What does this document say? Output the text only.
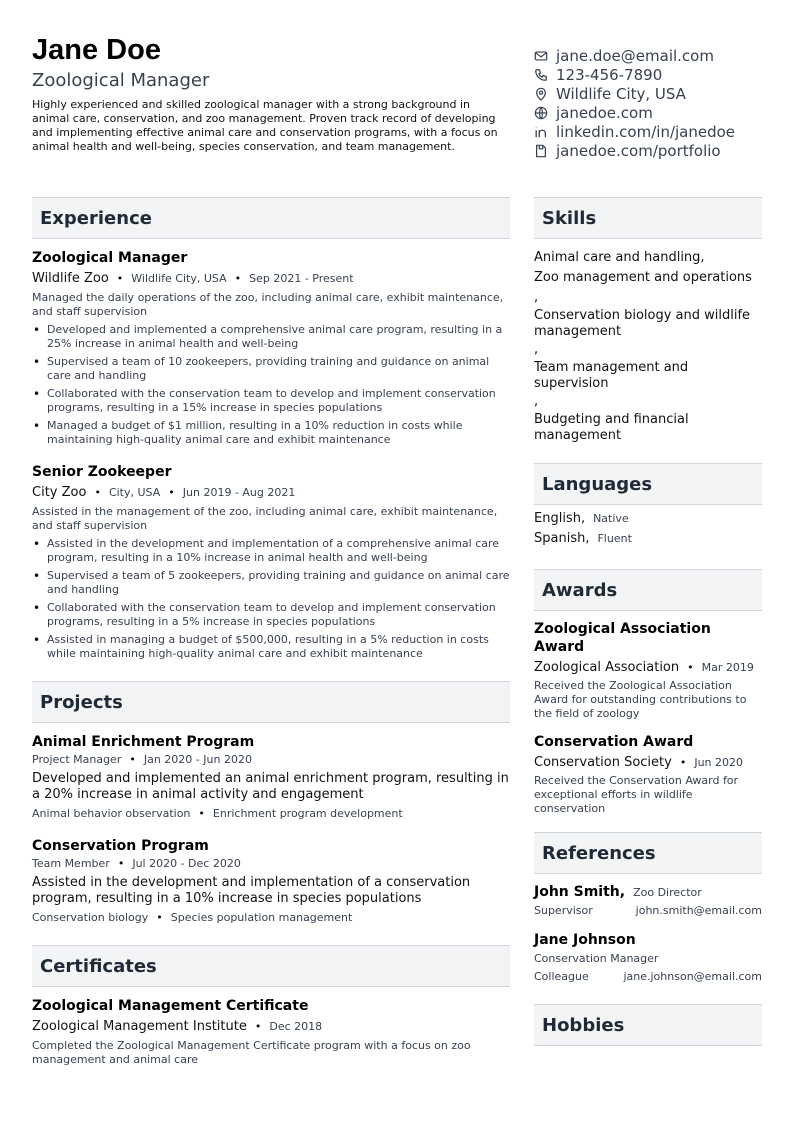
Jane Doe
Zoological Manager
Highly experienced and skilled zoological manager with a strong background in animal care, conservation, and zoo management. Proven track record of developing and implementing effective animal care and conservation programs, with a focus on animal health and well-being, species conservation, and team management.
jane.doe@email.com
123-456-7890
Wildlife City, USA
janedoe.com
linkedin.com/in/janedoe
janedoe.com/portfolio
Experience
Zoological Manager
Wildlife Zoo • Wildlife City, USA • Sep 2021 - Present
Managed the daily operations of the zoo, including animal care, exhibit maintenance, and staff supervision
• Developed and implemented a comprehensive animal care program, resulting in a 25% increase in animal health and well-being
• Supervised a team of 10 zookeepers, providing training and guidance on animal care and handling
• Collaborated with the conservation team to develop and implement conservation programs, resulting in a 15% increase in species populations
• Managed a budget of $1 million, resulting in a 10% reduction in costs while maintaining high-quality animal care and exhibit maintenance
Senior Zookeeper
City Zoo • City, USA • Jun 2019 - Aug 2021
Assisted in the management of the zoo, including animal care, exhibit maintenance, and staff supervision
• Assisted in the development and implementation of a comprehensive animal care program, resulting in a 10% increase in animal health and well-being
• Supervised a team of 5 zookeepers, providing training and guidance on animal care and handling
• Collaborated with the conservation team to develop and implement conservation programs, resulting in a 5% increase in species populations
• Assisted in managing a budget of $500,000, resulting in a 5% reduction in costs while maintaining high-quality animal care and exhibit maintenance
Projects
Animal Enrichment Program
Project Manager • Jan 2020 - Jun 2020
Developed and implemented an animal enrichment program, resulting in a 20% increase in animal activity and engagement
Animal behavior observation • Enrichment program development
Conservation Program
Team Member • Jul 2020 - Dec 2020
Assisted in the development and implementation of a conservation program, resulting in a 10% increase in species populations
Conservation biology • Species population management
Certificates
Zoological Management Certificate
Zoological Management Institute • Dec 2018
Completed the Zoological Management Certificate program with a focus on zoo management and animal care
Skills
Animal care and handling,
Zoo management and operations
,
Conservation biology and wildlife management
,
Team management and supervision
,
Budgeting and financial management
Languages
English, Native
Spanish, Fluent
Awards
Zoological Association Award
Zoological Association • Mar 2019
Received the Zoological Association Award for outstanding contributions to the field of zoology
Conservation Award
Conservation Society • Jun 2020
Received the Conservation Award for exceptional efforts in wildlife conservation
References
John Smith, Zoo Director
Supervisor	john.smith@email.com
Jane Johnson
Conservation Manager
Colleague	jane.johnson@email.com
Hobbies
